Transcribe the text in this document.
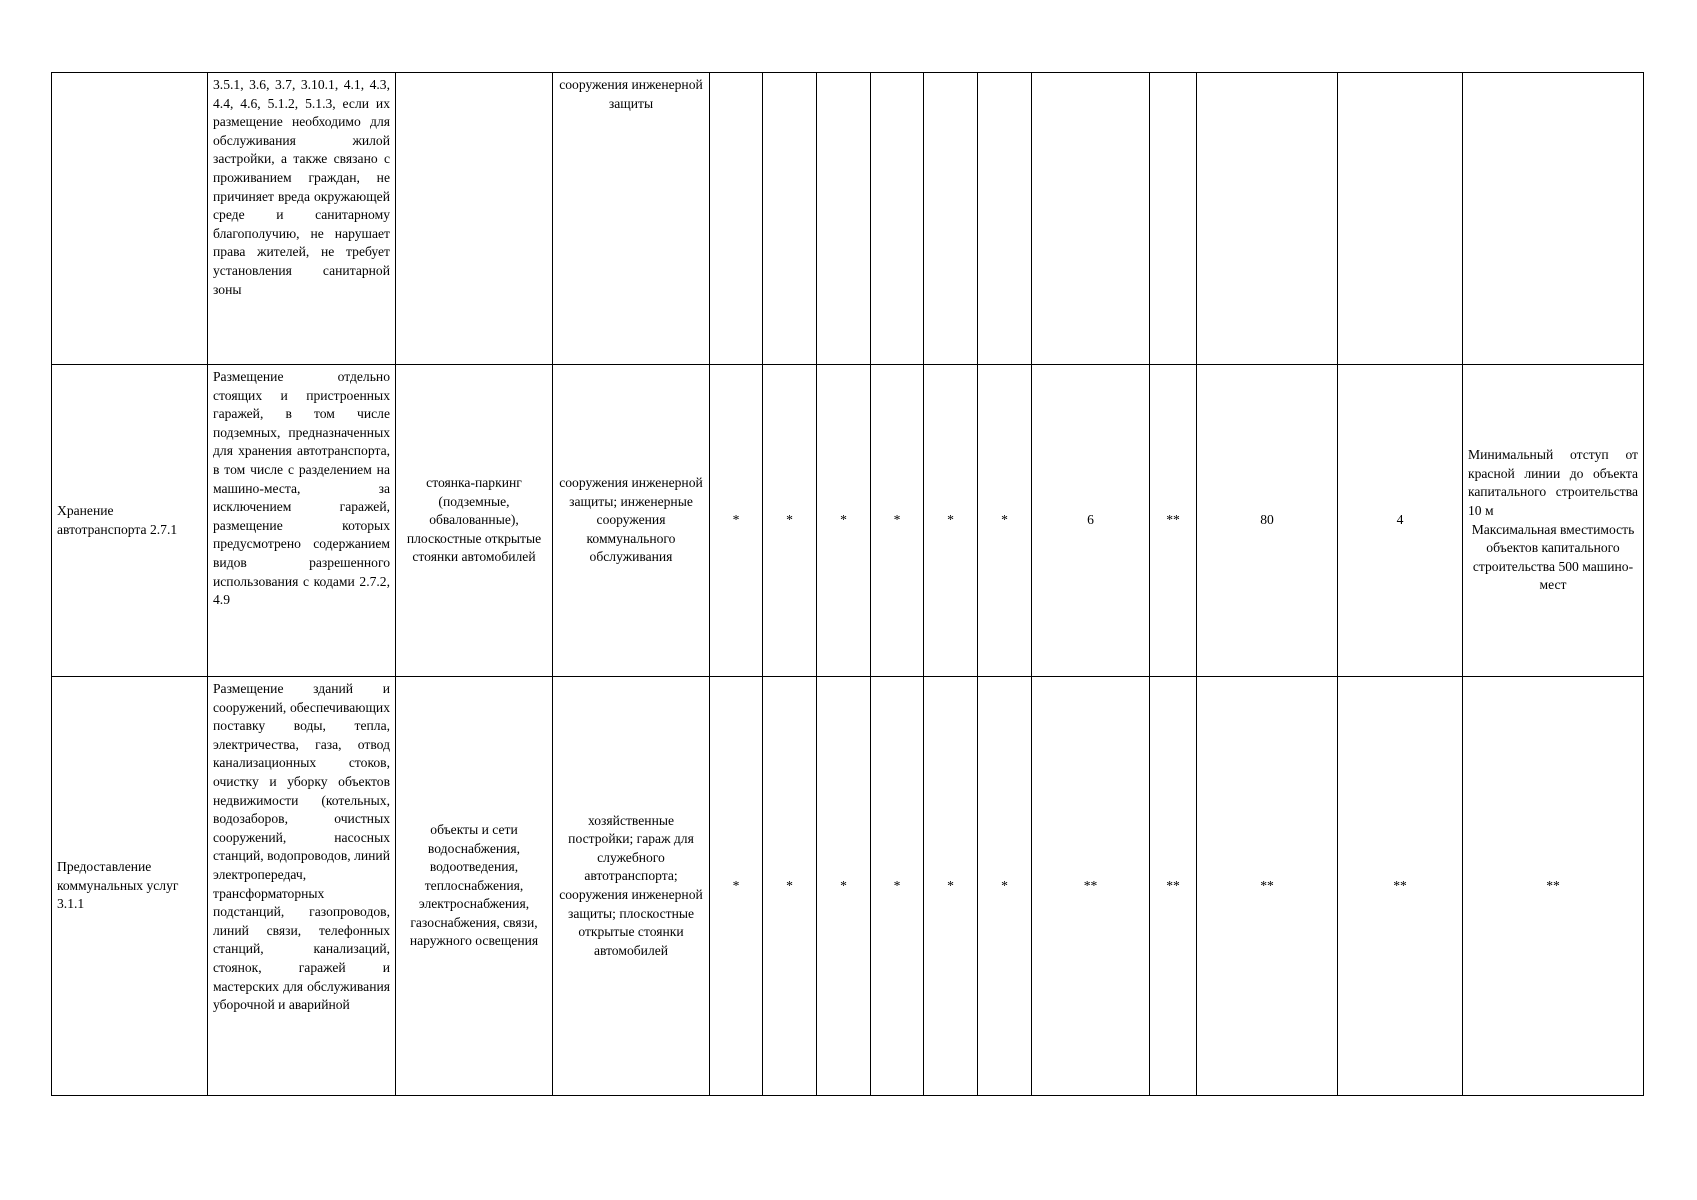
	3.5.1, 3.6, 3.7, 3.10.1, 4.1, 4.3, 4.4, 4.6, 5.1.2, 5.1.3, если их размещение необходимо для обслуживания жилой застройки, а также связано с проживанием граждан, не причиняет вреда окружающей среде и санитарному благополучию, не нарушает права жителей, не требует установления санитарной зоны		сооружения инженерной защиты											
Хранение автотранспорта 2.7.1	Размещение отдельно стоящих и пристроенных гаражей, в том числе подземных, предназначенных для хранения автотранспорта, в том числе с разделением на машино-места, за исключением гаражей, размещение которых предусмотрено содержанием видов разрешенного использования с кодами 2.7.2, 4.9	стоянка-паркинг (подземные, обвалованные), плоскостные открытые стоянки автомобилей	сооружения инженерной защиты; инженерные сооружения коммунального обслуживания	*	*	*	*	*	*	6	**	80	4	Минимальный отступ от красной линии до объекта капитального строительства 10 м
Максимальная вместимость объектов капитального строительства 500 машино-мест
Предоставление коммунальных услуг 3.1.1	Размещение зданий и сооружений, обеспечивающих поставку воды, тепла, электричества, газа, отвод канализационных стоков, очистку и уборку объектов недвижимости (котельных, водозаборов, очистных сооружений, насосных станций, водопроводов, линий электропередач, трансформаторных подстанций, газопроводов, линий связи, телефонных станций, канализаций, стоянок, гаражей и мастерских для обслуживания уборочной и аварийной	объекты и сети водоснабжения, водоотведения, теплоснабжения, электроснабжения, газоснабжения, связи, наружного освещения	хозяйственные постройки; гараж для служебного автотранспорта; сооружения инженерной защиты; плоскостные открытые стоянки автомобилей	*	*	*	*	*	*	**	**	**	**	**
